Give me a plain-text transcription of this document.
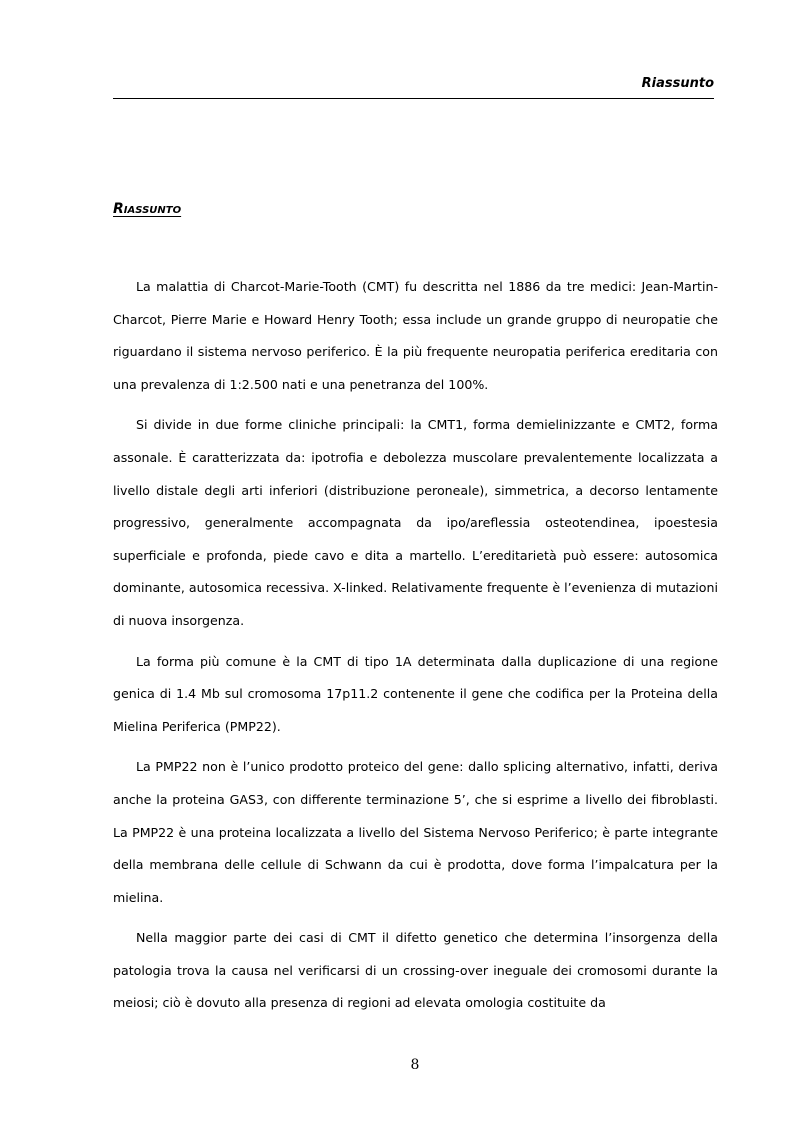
Riassunto
Riassunto

La malattia di Charcot-Marie-Tooth (CMT) fu descritta nel 1886 da tre medici: Jean-Martin-Charcot, Pierre Marie e Howard Henry Tooth; essa include un grande gruppo di neuropatie che riguardano il sistema nervoso periferico. È la più frequente neuropatia periferica ereditaria con una prevalenza di 1:2.500 nati e una penetranza del 100%.

Si divide in due forme cliniche principali: la CMT1, forma demielinizzante e CMT2, forma assonale. È caratterizzata da: ipotrofia e debolezza muscolare prevalentemente localizzata a livello distale degli arti inferiori (distribuzione peroneale), simmetrica, a decorso lentamente progressivo, generalmente accompagnata da ipo/areflessia osteotendinea, ipoestesia superficiale e profonda, piede cavo e dita a martello. L’ereditarietà può essere: autosomica dominante, autosomica recessiva. X-linked. Relativamente frequente è l’evenienza di mutazioni di nuova insorgenza.

La forma più comune è la CMT di tipo 1A determinata dalla duplicazione di una regione genica di 1.4 Mb sul cromosoma 17p11.2 contenente il gene che codifica per la Proteina della Mielina Periferica (PMP22).

La PMP22 non è l’unico prodotto proteico del gene: dallo splicing alternativo, infatti, deriva anche la proteina GAS3, con differente terminazione 5’, che si esprime a livello dei fibroblasti. La PMP22 è una proteina localizzata a livello del Sistema Nervoso Periferico; è parte integrante della membrana delle cellule di Schwann da cui è prodotta, dove forma l’impalcatura per la mielina.

Nella maggior parte dei casi di CMT il difetto genetico che determina l’insorgenza della patologia trova la causa nel verificarsi di un crossing-over ineguale dei cromosomi durante la meiosi; ciò è dovuto alla presenza di regioni ad elevata omologia costituite da

8
